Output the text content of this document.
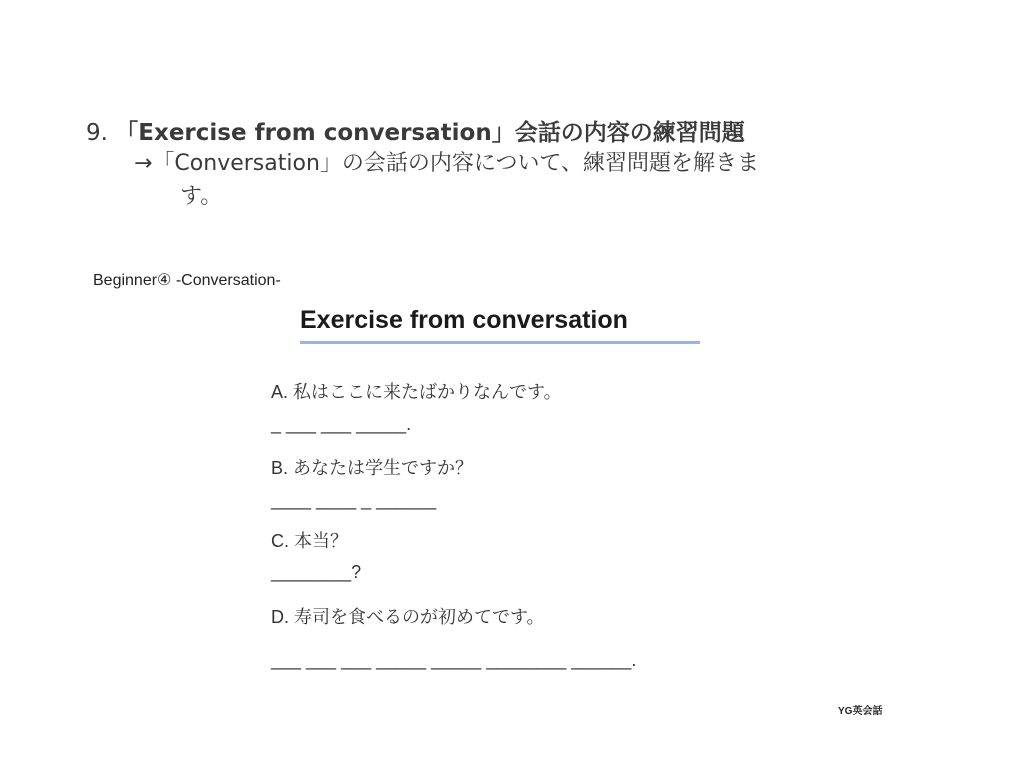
9. 「Exercise from conversation」会話の内容の練習問題
→「Conversation」の会話の内容について、練習問題を解きま
す。
Beginner④ -Conversation-
Exercise from conversation
A. 私はここに来たばかりなんです。
_ ___ ___ _____.
B. あなたは学生ですか？
____ ____ _ ______
C. 本当？
________?
D. 寿司を食べるのが初めてです。
___ ___ ___ _____ _____ ________ ______.
YG英会話
